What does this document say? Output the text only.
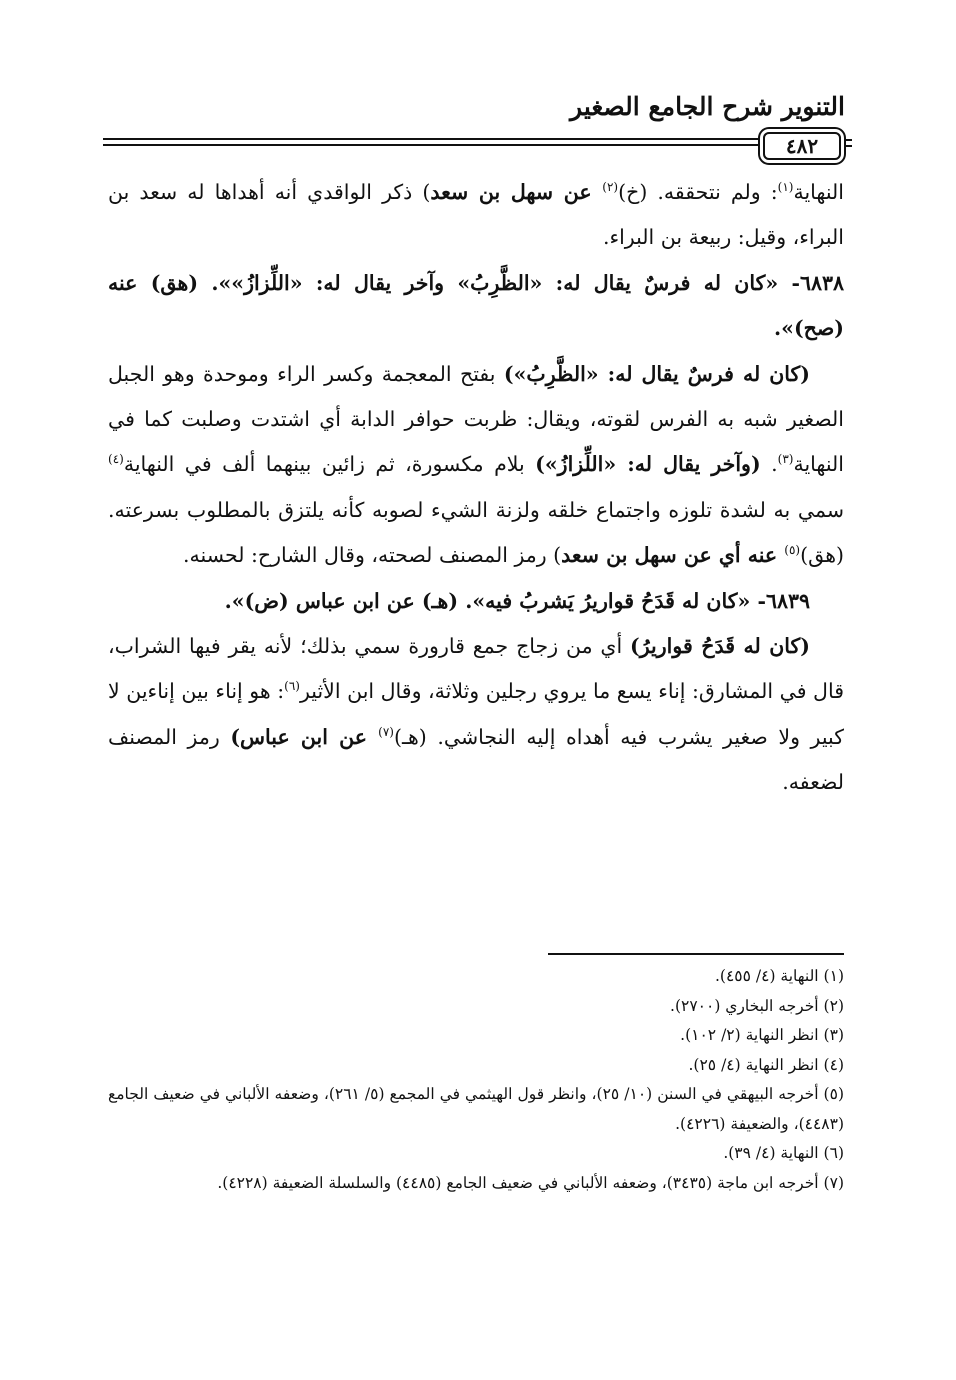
التنوير شرح الجامع الصغير
٤٨٢

النهاية$^{(١)}$: ولم نتحققه. (خ)$^{(٢)}$ عن سهل بن سعد) ذكر الواقدي أنه أهداها له سعد بن البراء، وقيل: ربيعة بن البراء.

٦٨٣٨- «كان له فرسٌ يقال له: «الظَّرِبُ» وآخر يقال له: «اللِّزازُ»». (هق) عنه (صح)».

(كان له فرسٌ يقال له: «الظَّرِبُ») بفتح المعجمة وكسر الراء وموحدة وهو الجبل الصغير شبه به الفرس لقوته، ويقال: ظربت حوافر الدابة أي اشتدت وصلبت كما في النهاية$^{(٣)}$. (وآخر يقال له: «اللِّزازُ») بلام مكسورة، ثم زائين بينهما ألف في النهاية$^{(٤)}$ سمي به لشدة تلوزه واجتماع خلقه ولزنة الشيء لصوبه كأنه يلتزق بالمطلوب بسرعته. (هق)$^{(٥)}$ عنه أي عن سهل بن سعد) رمز المصنف لصحته، وقال الشارح: لحسنه.

٦٨٣٩- «كان له قَدَحُ قواريرُ يَشربُ فيه». (هـ) عن ابن عباس (ض)».

(كان له قَدَحُ قواريرُ) أي من زجاج جمع قارورة سمي بذلك؛ لأنه يقر فيها الشراب، قال في المشارق: إناء يسع ما يروي رجلين وثلاثة، وقال ابن الأثير$^{(٦)}$: هو إناء بين إناءين لا كبير ولا صغير يشرب فيه أهداه إليه النجاشي. (هـ)$^{(٧)}$ عن ابن عباس) رمز المصنف لضعفه.

(١) النهاية (٤/ ٤٥٥).
(٢) أخرجه البخاري (٢٧٠٠).
(٣) انظر النهاية (٢/ ١٠٢).
(٤) انظر النهاية (٤/ ٢٥).
(٥) أخرجه البيهقي في السنن (١٠/ ٢٥)، وانظر قول الهيثمي في المجمع (٥/ ٢٦١)، وضعفه الألباني في ضعيف الجامع (٤٤٨٣)، والضعيفة (٤٢٢٦).
(٦) النهاية (٤/ ٣٩).
(٧) أخرجه ابن ماجة (٣٤٣٥)، وضعفه الألباني في ضعيف الجامع (٤٤٨٥) والسلسلة الضعيفة (٤٢٢٨).
